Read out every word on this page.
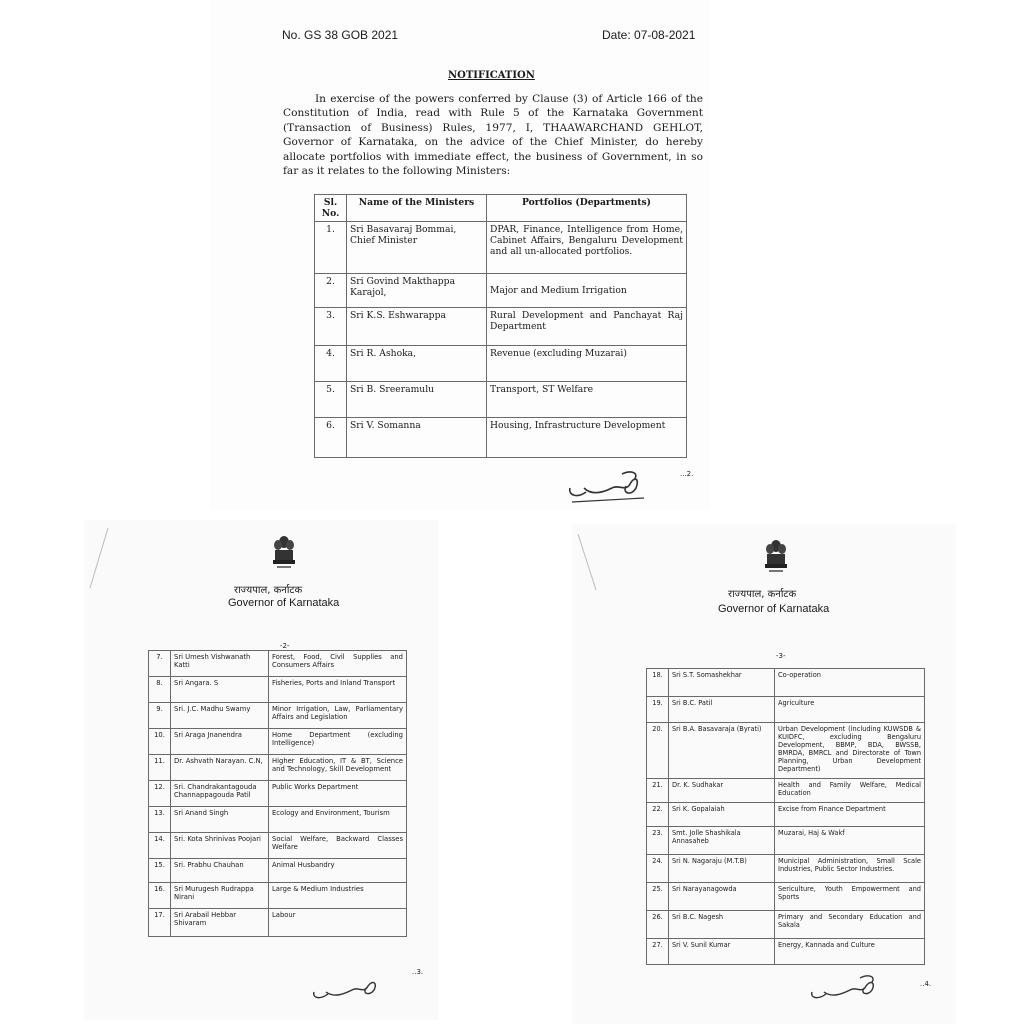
No. GS 38 GOB 2021	Date: 07-08-2021
NOTIFICATION
In exercise of the powers conferred by Clause (3) of Article 166 of the Constitution of India, read with Rule 5 of the Karnataka Government (Transaction of Business) Rules, 1977, I, THAAWARCHAND GEHLOT, Governor of Karnataka, on the advice of the Chief Minister, do hereby allocate portfolios with immediate effect, the business of Government, in so far as it relates to the following Ministers:
Sl. No.	Name of the Ministers	Portfolios (Departments)
1.	Sri Basavaraj Bommai, Chief Minister	DPAR, Finance, Intelligence from Home, Cabinet Affairs, Bengaluru Development and all un-allocated portfolios.
2.	Sri Govind Makthappa Karajol,	Major and Medium Irrigation
3.	Sri K.S. Eshwarappa	Rural Development and Panchayat Raj Department
4.	Sri R. Ashoka,	Revenue (excluding Muzarai)
5.	Sri B. Sreeramulu	Transport, ST Welfare
6.	Sri V. Somanna	Housing, Infrastructure Development
...2.
राज्यपाल, कर्नाटक
Governor of Karnataka
-2-
7.	Sri Umesh Vishwanath Katti	Forest, Food, Civil Supplies and Consumers Affairs
8.	Sri Angara. S	Fisheries, Ports and Inland Transport
9.	Sri. J.C. Madhu Swamy	Minor Irrigation, Law, Parliamentary Affairs and Legislation
10.	Sri Araga Jnanendra	Home Department (excluding Intelligence)
11.	Dr. Ashvath Narayan. C.N,	Higher Education, IT & BT, Science and Technology, Skill Development
12.	Sri. Chandrakantagouda Channappagouda Patil	Public Works Department
13.	Sri Anand Singh	Ecology and Environment, Tourism
14.	Sri. Kota Shrinivas Poojari	Social Welfare, Backward Classes Welfare
15.	Sri. Prabhu Chauhan	Animal Husbandry
16.	Sri Murugesh Rudrappa Nirani	Large & Medium Industries
17.	Sri Arabail Hebbar Shivaram	Labour
..3.
राज्यपाल, कर्नाटक
Governor of Karnataka
-3-
18.	Sri S.T. Somashekhar	Co-operation
19.	Sri B.C. Patil	Agriculture
20.	Sri B.A. Basavaraja (Byrati)	Urban Development (including KUWSDB & KUIDFC, excluding Bengaluru Development, BBMP, BDA, BWSSB, BMRDA, BMRCL and Directorate of Town Planning, Urban Development Department)
21.	Dr. K. Sudhakar	Health and Family Welfare, Medical Education
22.	Sri K. Gopalaiah	Excise from Finance Department
23.	Smt. Jolle Shashikala Annasaheb	Muzarai, Haj & Wakf
24.	Sri N. Nagaraju (M.T.B)	Municipal Administration, Small Scale Industries, Public Sector Industries.
25.	Sri Narayanagowda	Sericulture, Youth Empowerment and Sports
26.	Sri B.C. Nagesh	Primary and Secondary Education and Sakala
27.	Sri V. Sunil Kumar	Energy, Kannada and Culture
..4.
